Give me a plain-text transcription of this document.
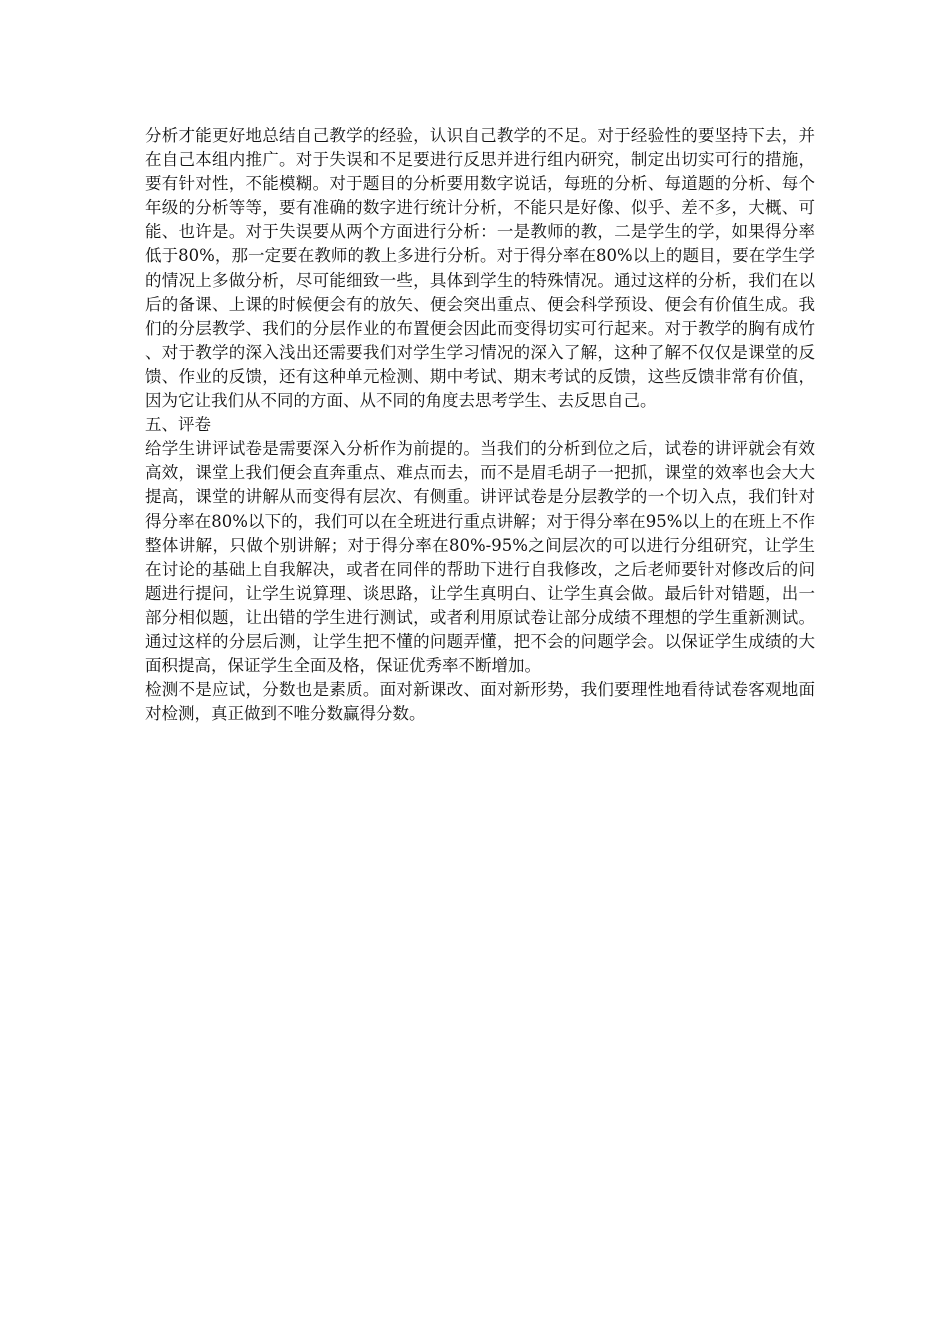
分析才能更好地总结自己教学的经验，认识自己教学的不足。对于经验性的要坚持下去，并在自己本组内推广。对于失误和不足要进行反思并进行组内研究，制定出切实可行的措施，要有针对性，不能模糊。对于题目的分析要用数字说话，每班的分析、每道题的分析、每个年级的分析等等，要有准确的数字进行统计分析，不能只是好像、似乎、差不多，大概、可能、也许是。对于失误要从两个方面进行分析：一是教师的教，二是学生的学，如果得分率低于80%，那一定要在教师的教上多进行分析。对于得分率在80%以上的题目，要在学生学的情况上多做分析，尽可能细致一些，具体到学生的特殊情况。通过这样的分析，我们在以后的备课、上课的时候便会有的放矢、便会突出重点、便会科学预设、便会有价值生成。我们的分层教学、我们的分层作业的布置便会因此而变得切实可行起来。对于教学的胸有成竹、对于教学的深入浅出还需要我们对学生学习情况的深入了解，这种了解不仅仅是课堂的反馈、作业的反馈，还有这种单元检测、期中考试、期末考试的反馈，这些反馈非常有价值，因为它让我们从不同的方面、从不同的角度去思考学生、去反思自己。

五、评卷

给学生讲评试卷是需要深入分析作为前提的。当我们的分析到位之后，试卷的讲评就会有效高效，课堂上我们便会直奔重点、难点而去，而不是眉毛胡子一把抓，课堂的效率也会大大提高，课堂的讲解从而变得有层次、有侧重。讲评试卷是分层教学的一个切入点，我们针对得分率在80%以下的，我们可以在全班进行重点讲解；对于得分率在95%以上的在班上不作整体讲解，只做个别讲解；对于得分率在80%-95%之间层次的可以进行分组研究，让学生在讨论的基础上自我解决，或者在同伴的帮助下进行自我修改，之后老师要针对修改后的问题进行提问，让学生说算理、谈思路，让学生真明白、让学生真会做。最后针对错题，出一部分相似题，让出错的学生进行测试，或者利用原试卷让部分成绩不理想的学生重新测试。通过这样的分层后测，让学生把不懂的问题弄懂，把不会的问题学会。以保证学生成绩的大面积提高，保证学生全面及格，保证优秀率不断增加。

检测不是应试，分数也是素质。面对新课改、面对新形势，我们要理性地看待试卷客观地面对检测，真正做到不唯分数赢得分数。
